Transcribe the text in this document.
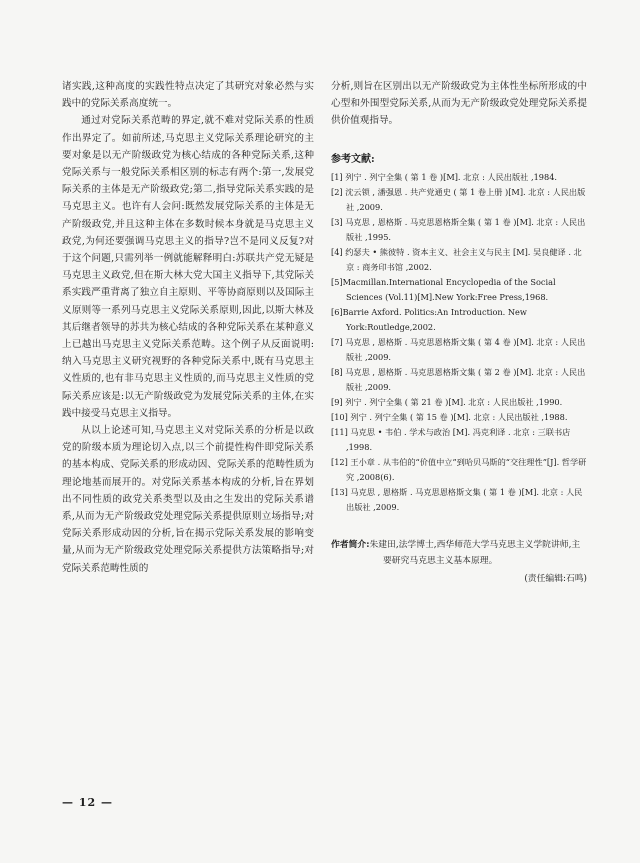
诸实践,这种高度的实践性特点决定了其研究对象必然与实践中的党际关系高度统一。

通过对党际关系范畴的界定,就不难对党际关系的性质作出界定了。如前所述,马克思主义党际关系理论研究的主要对象是以无产阶级政党为核心结成的各种党际关系,这种党际关系与一般党际关系相区别的标志有两个:第一,发展党际关系的主体是无产阶级政党;第二,指导党际关系实践的是马克思主义。也许有人会问:既然发展党际关系的主体是无产阶级政党,并且这种主体在多数时候本身就是马克思主义政党,为何还要强调马克思主义的指导?岂不是同义反复?对于这个问题,只需列举一例就能解释明白:苏联共产党无疑是马克思主义政党,但在斯大林大党大国主义指导下,其党际关系实践严重背离了独立自主原则、平等协商原则以及国际主义原则等一系列马克思主义党际关系原则,因此,以斯大林及其后继者领导的苏共为核心结成的各种党际关系在某种意义上已越出马克思主义党际关系范畴。这个例子从反面说明:纳入马克思主义研究视野的各种党际关系中,既有马克思主义性质的,也有非马克思主义性质的,而马克思主义性质的党际关系应该是:以无产阶级政党为发展党际关系的主体,在实践中接受马克思主义指导。

从以上论述可知,马克思主义对党际关系的分析是以政党的阶级本质为理论切入点,以三个前提性构件即党际关系的基本构成、党际关系的形成动因、党际关系的范畴性质为理论地基而展开的。对党际关系基本构成的分析,旨在界划出不同性质的政党关系类型以及由之生发出的党际关系谱系,从而为无产阶级政党处理党际关系提供原则立场指导;对党际关系形成动因的分析,旨在揭示党际关系发展的影响变量,从而为无产阶级政党处理党际关系提供方法策略指导;对党际关系范畴性质的

分析,则旨在区别出以无产阶级政党为主体性坐标所形成的中心型和外围型党际关系,从而为无产阶级政党处理党际关系提供价值观指导。

参考文献:

[1] 列宁 . 列宁全集 ( 第 1 卷 )[M]. 北京 : 人民出版社 ,1984.

[2] 沈云锁 , 潘强恩 . 共产党通史 ( 第 1 卷上册 )[M]. 北京 : 人民出版社 ,2009.

[3] 马克思 , 恩格斯 . 马克思恩格斯全集 ( 第 1 卷 )[M]. 北京 : 人民出版社 ,1995.

[4] 约瑟夫 • 熊彼特 . 资本主义、社会主义与民主 [M]. 吴良健译 . 北京 : 商务印书馆 ,2002.

[5]Macmillan.International Encyclopedia of the Social Sciences (Vol.11)[M].New York:Free Press,1968.

[6]Barrie Axford. Politics:An Introduction. New York:Routledge,2002.

[7] 马克思 , 恩格斯 . 马克思恩格斯文集 ( 第 4 卷 )[M]. 北京 : 人民出版社 ,2009.

[8] 马克思 , 恩格斯 . 马克思恩格斯文集 ( 第 2 卷 )[M]. 北京 : 人民出版社 ,2009.

[9] 列宁 . 列宁全集 ( 第 21 卷 )[M]. 北京 : 人民出版社 ,1990.

[10] 列宁 . 列宁全集 ( 第 15 卷 )[M]. 北京 : 人民出版社 ,1988.

[11] 马克思 • 韦伯 . 学术与政治 [M]. 冯克利译 . 北京 : 三联书店 ,1998.

[12] 王小章 . 从韦伯的“价值中立”到哈贝马斯的“交往理性”[J]. 哲学研究 ,2008(6).

[13] 马克思 , 恩格斯 . 马克思恩格斯文集 ( 第 1 卷 )[M]. 北京 : 人民出版社 ,2009.

作者简介:朱建田,法学博士,西华师范大学马克思主义学院讲师,主要研究马克思主义基本原理。
(责任编辑:石鸣)
— 12 —
